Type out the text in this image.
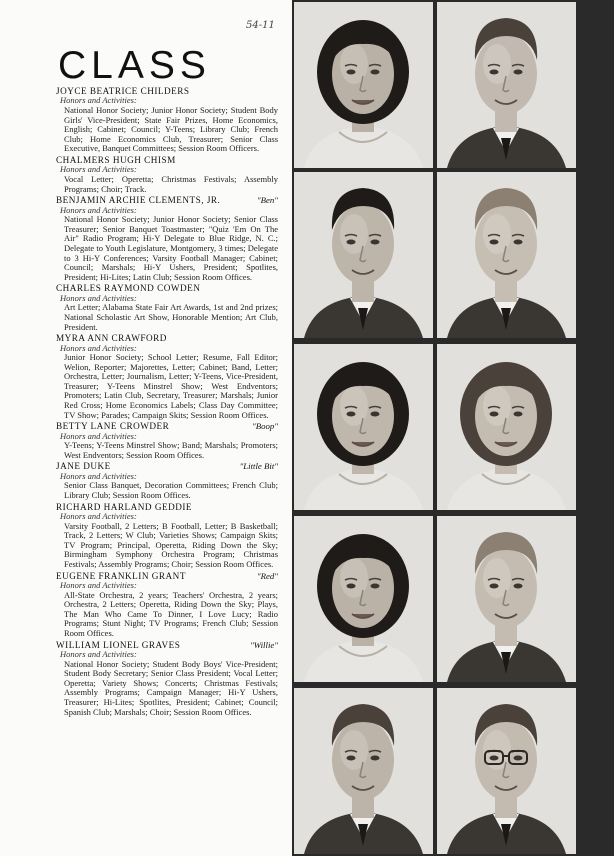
54-11
CLASS
JOYCE BEATRICE CHILDERS
Honors and Activities:

National Honor Society; Junior Honor Society; Student Body Girls' Vice-President; State Fair Prizes, Home Economics, English; Cabinet; Council; Y-Teens; Library Club; French Club; Home Economics Club, Treasurer; Senior Class Executive, Banquet Committees; Session Room Officers.

CHALMERS HUGH CHISM
Honors and Activities:

Vocal Letter; Operetta; Christmas Festivals; Assembly Programs; Choir; Track.

BENJAMIN ARCHIE CLEMENTS, JR.	"Ben"
Honors and Activities:

National Honor Society; Junior Honor Society; Senior Class Treasurer; Senior Banquet Toastmaster; "Quiz 'Em On The Air" Radio Program; Hi-Y Delegate to Blue Ridge, N. C.; Delegate to Youth Legislature, Montgomery, 3 times; Delegate to 3 Hi-Y Conferences; Varsity Football Manager; Cabinet; Council; Marshals; Hi-Y Ushers, President; Spotlites, President; Hi-Lites; Latin Club; Session Room Offices.

CHARLES RAYMOND COWDEN
Honors and Activities:

Art Letter; Alabama State Fair Art Awards, 1st and 2nd prizes; National Scholastic Art Show, Honorable Mention; Art Club, President.

MYRA ANN CRAWFORD
Honors and Activities:

Junior Honor Society; School Letter; Resume, Fall Editor; Welion, Reporter; Majorettes, Letter; Cabinet; Band, Letter; Orchestra, Letter; Journalism, Letter; Y-Teens, Vice-President, Treasurer; Y-Teens Minstrel Show; West Endventors; Promoters; Latin Club, Secretary, Treasurer; Marshals; Junior Red Cross; Home Economics Labels; Class Day Committee; TV Show; Parades; Campaign Skits; Session Room Offices.

BETTY LANE CROWDER	"Boop"
Honors and Activities:

Y-Teens; Y-Teens Minstrel Show; Band; Marshals; Promoters; West Endventors; Session Room Offices.

JANE DUKE	"Little Bit"
Honors and Activities:

Senior Class Banquet, Decoration Committees; French Club; Library Club; Session Room Offices.

RICHARD HARLAND GEDDIE
Honors and Activities:

Varsity Football, 2 Letters; B Football, Letter; B Basketball; Track, 2 Letters; W Club; Varieties Shows; Campaign Skits; TV Program; Principal, Operetta, Riding Down the Sky; Birmingham Symphony Orchestra Program; Christmas Festivals; Assembly Programs; Choir; Session Room Offices.

EUGENE FRANKLIN GRANT	"Red"
Honors and Activities:

All-State Orchestra, 2 years; Teachers' Orchestra, 2 years; Orchestra, 2 Letters; Operetta, Riding Down the Sky; Plays, The Man Who Came To Dinner, I Love Lucy; Radio Programs; Stunt Night; TV Programs; French Club; Session Room Offices.

WILLIAM LIONEL GRAVES	"Willie"
Honors and Activities:

National Honor Society; Student Body Boys' Vice-President; Student Body Secretary; Senior Class President; Vocal Letter; Operetta; Variety Shows; Concerts; Christmas Festivals; Assembly Programs; Campaign Manager; Hi-Y Ushers, Treasurer; Hi-Lites; Spotlites, President; Cabinet; Council; Spanish Club; Marshals; Choir; Session Room Offices.
